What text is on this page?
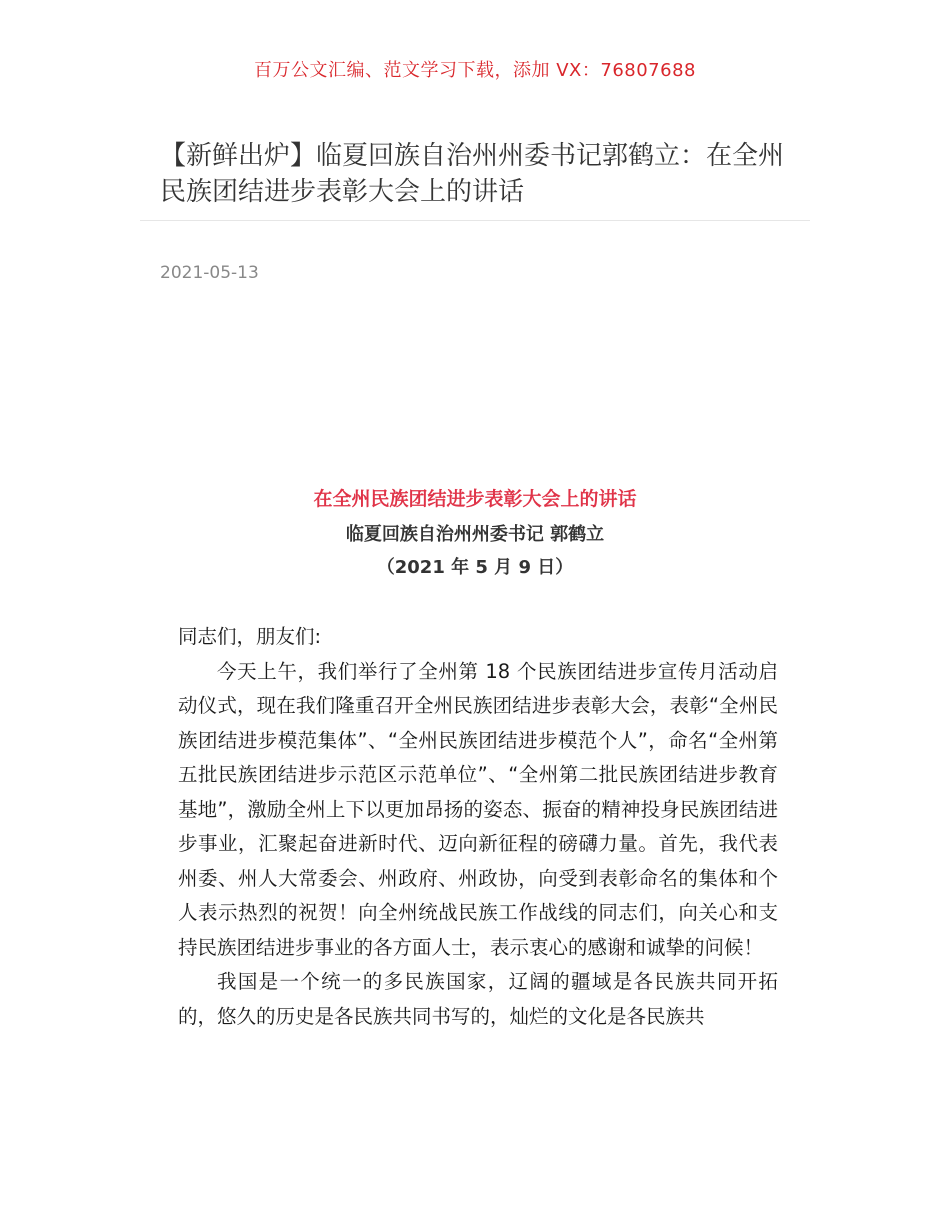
百万公文汇编、范文学习下载，添加 VX：76807688
【新鲜出炉】临夏回族自治州州委书记郭鹤立：在全州民族团结进步表彰大会上的讲话
2021-05-13
在全州民族团结进步表彰大会上的讲话
临夏回族自治州州委书记 郭鹤立
（2021 年 5 月 9 日）

同志们，朋友们:

今天上午，我们举行了全州第 18 个民族团结进步宣传月活动启动仪式，现在我们隆重召开全州民族团结进步表彰大会，表彰“全州民族团结进步模范集体”、“全州民族团结进步模范个人”，命名“全州第五批民族团结进步示范区示范单位”、“全州第二批民族团结进步教育基地”，激励全州上下以更加昂扬的姿态、振奋的精神投身民族团结进步事业，汇聚起奋进新时代、迈向新征程的磅礴力量。首先，我代表州委、州人大常委会、州政府、州政协，向受到表彰命名的集体和个人表示热烈的祝贺！向全州统战民族工作战线的同志们，向关心和支持民族团结进步事业的各方面人士，表示衷心的感谢和诚挚的问候！

我国是一个统一的多民族国家，辽阔的疆域是各民族共同开拓的，悠久的历史是各民族共同书写的，灿烂的文化是各民族共
